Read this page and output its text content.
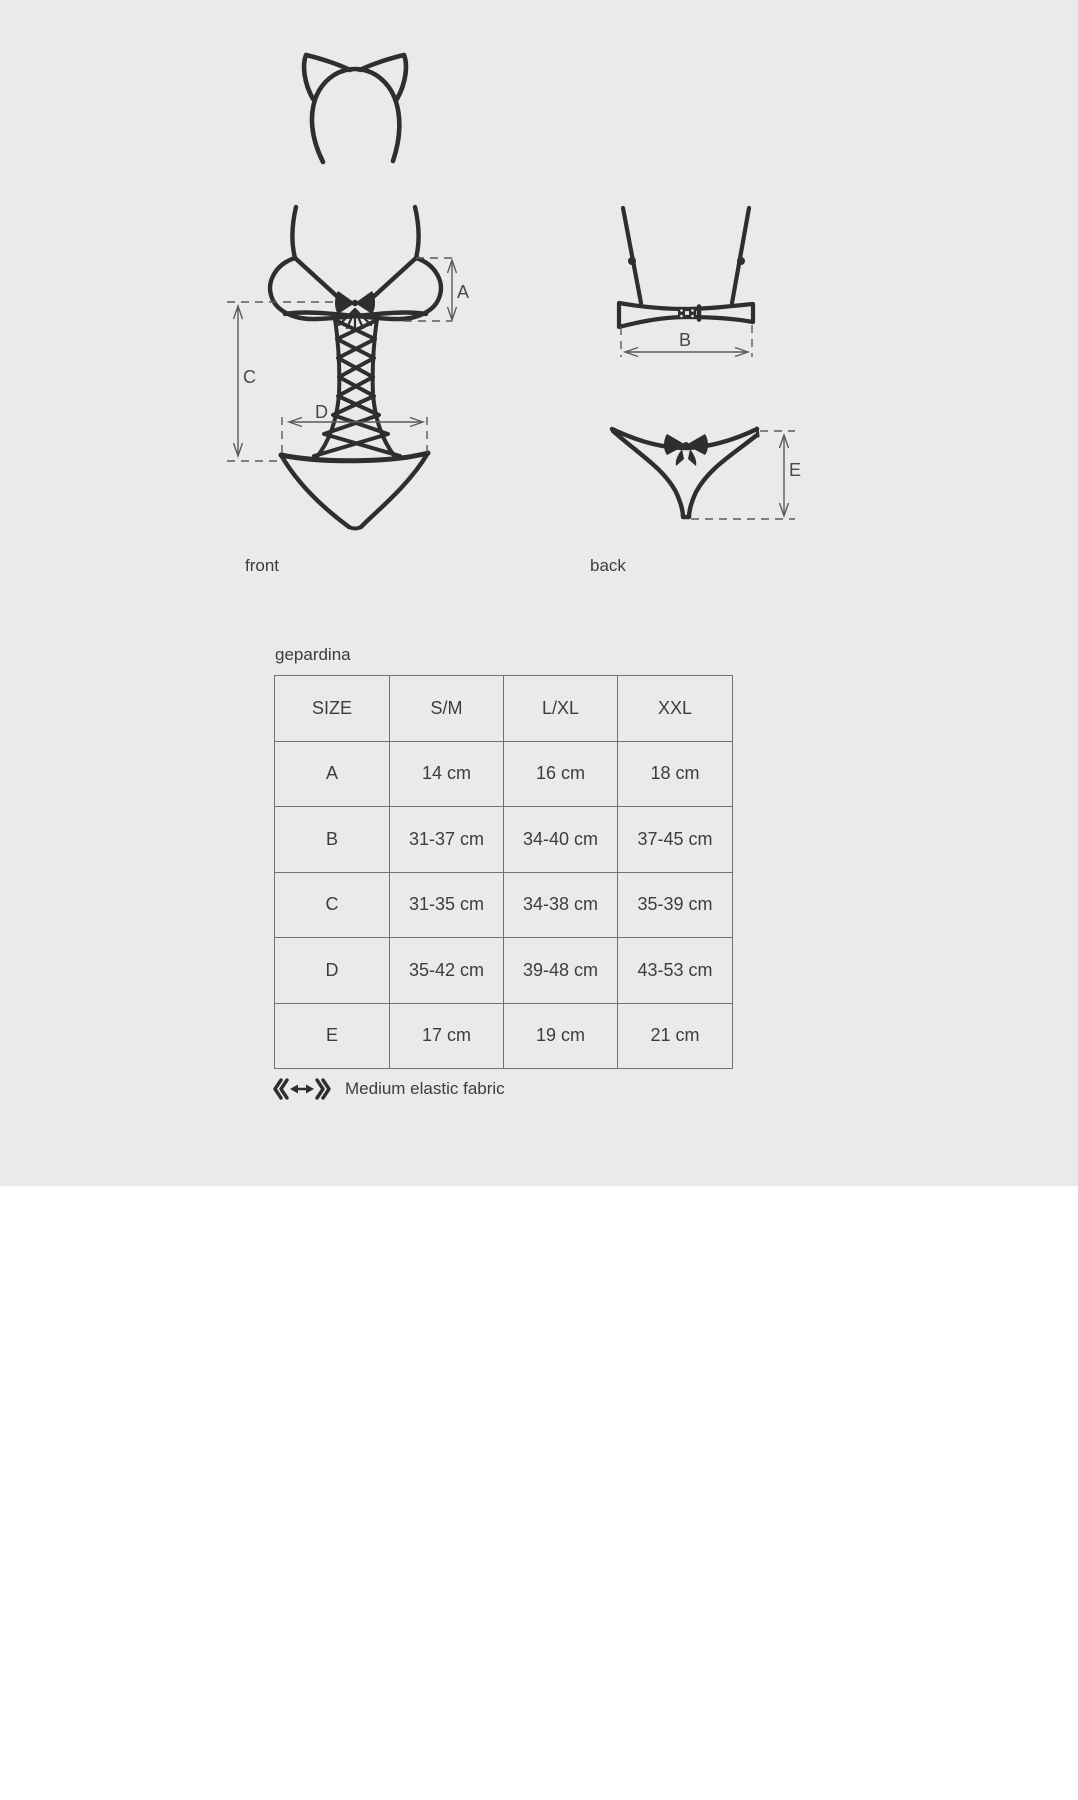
A
B
C
D
E
front	back
gepardina
SIZE	S/M	L/XL	XXL
A	14 cm	16 cm	18 cm
B	31-37 cm	34-40 cm	37-45 cm
C	31-35 cm	34-38 cm	35-39 cm
D	35-42 cm	39-48 cm	43-53 cm
E	17 cm	19 cm	21 cm
Medium elastic fabric
